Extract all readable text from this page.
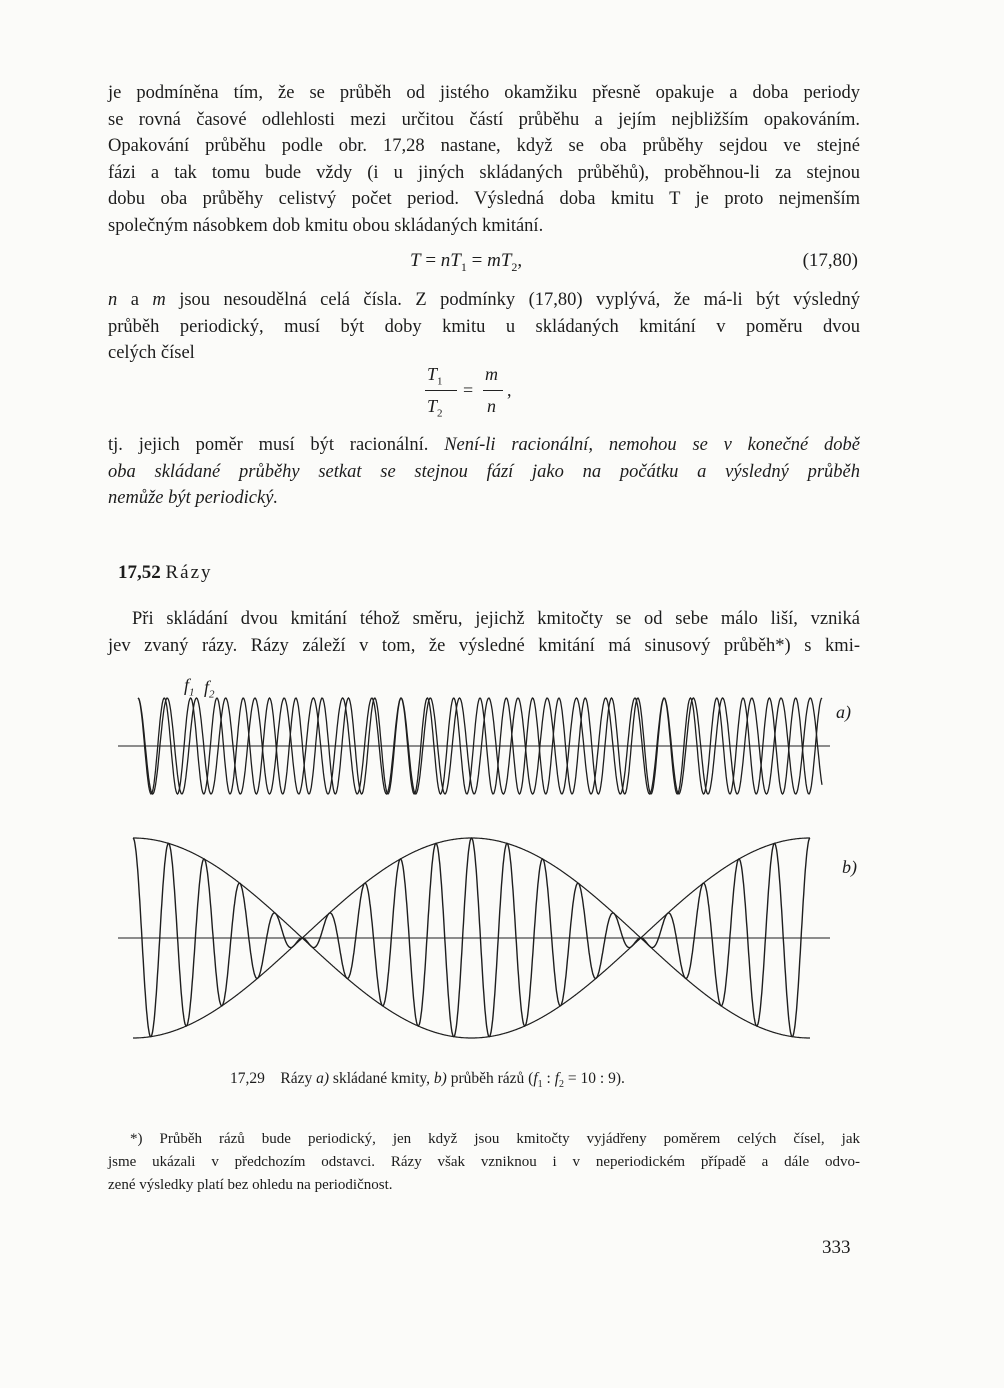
je podmíněna tím, že se průběh od jistého okamžiku přesně opakuje a doba periody
se rovná časové odlehlosti mezi určitou částí průběhu a jejím nejbližším opakováním.
Opakování průběhu podle obr. 17,28 nastane, když se oba průběhy sejdou ve stejné
fázi a tak tomu bude vždy (i u jiných skládaných průběhů), proběhnou-li za stejnou
dobu oba průběhy celistvý počet period. Výsledná doba kmitu T je proto nejmenším
společným násobkem dob kmitu obou skládaných kmitání.
$T = nT_1 = mT_2$,	(17,80)
n a m jsou nesoudělná celá čísla. Z podmínky (17,80) vyplývá, že má-li být výsledný
průběh periodický, musí být doby kmitu u skládaných kmitání v poměru dvou
celých čísel
$T_1$
$T_2$
=
m
n
,
tj. jejich poměr musí být racionální. Není-li racionální, nemohou se v konečné době
oba skládané průběhy setkat se stejnou fází jako na počátku a výsledný průběh
nemůže být periodický.
17,52 Rázy
Při skládání dvou kmitání téhož směru, jejichž kmitočty se od sebe málo liší, vzniká
jev zvaný rázy. Rázy záleží v tom, že výsledné kmitání má sinusový průběh*) s kmi-
$f_1$ $f_2$
a)
b)
17,29 Rázy a) skládané kmity, b) průběh rázů ($f_1$ : $f_2 = 10$ : 9).
*) Průběh rázů bude periodický, jen když jsou kmitočty vyjádřeny poměrem celých čísel, jak
jsme ukázali v předchozím odstavci. Rázy však vzniknou i v neperiodickém případě a dále odvo-
zené výsledky platí bez ohledu na periodičnost.
333
